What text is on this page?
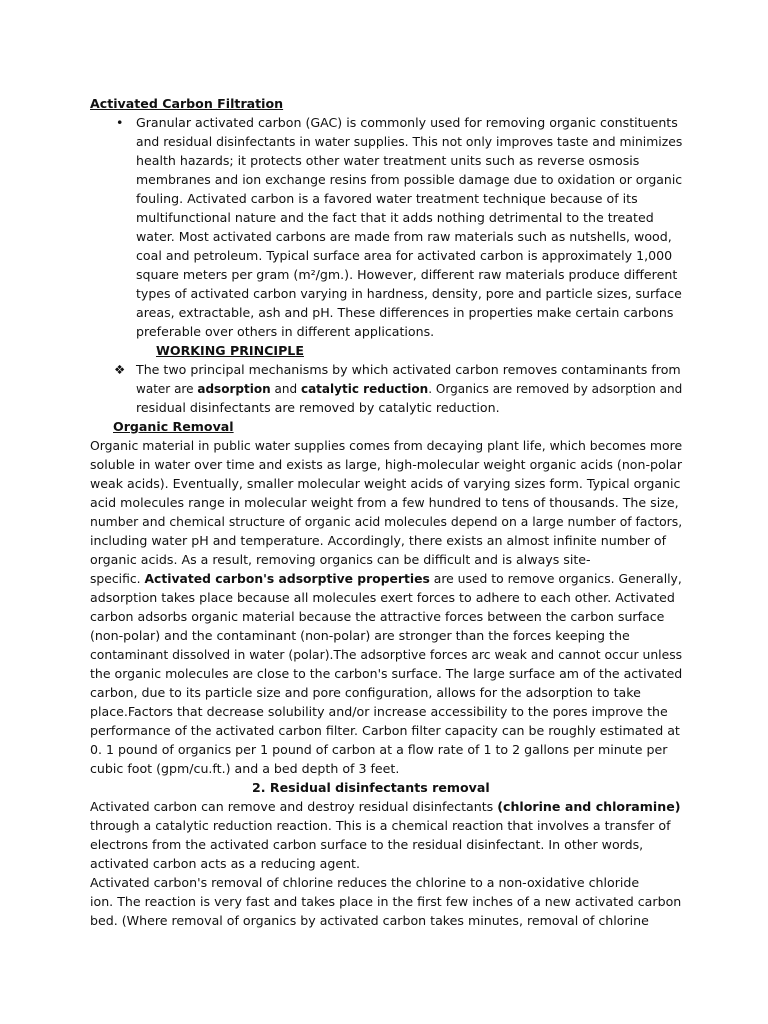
Activated Carbon Filtration
• Granular activated carbon (GAC) is commonly used for removing organic constituents
and residual disinfectants in water supplies. This not only improves taste and minimizes
health hazards; it protects other water treatment units such as reverse osmosis
membranes and ion exchange resins from possible damage due to oxidation or organic
fouling. Activated carbon is a favored water treatment technique because of its
multifunctional nature and the fact that it adds nothing detrimental to the treated
water. Most activated carbons are made from raw materials such as nutshells, wood,
coal and petroleum. Typical surface area for activated carbon is approximately 1,000
square meters per gram (m²/gm.). However, different raw materials produce different
types of activated carbon varying in hardness, density, pore and particle sizes, surface
areas, extractable, ash and pH. These differences in properties make certain carbons
preferable over others in different applications.
WORKING PRINCIPLE
❖ The two principal mechanisms by which activated carbon removes contaminants from
water are adsorption and catalytic reduction. Organics are removed by adsorption and
residual disinfectants are removed by catalytic reduction.
Organic Removal
Organic material in public water supplies comes from decaying plant life, which becomes more
soluble in water over time and exists as large, high-molecular weight organic acids (non-polar
weak acids). Eventually, smaller molecular weight acids of varying sizes form. Typical organic
acid molecules range in molecular weight from a few hundred to tens of thousands. The size,
number and chemical structure of organic acid molecules depend on a large number of factors,
including water pH and temperature. Accordingly, there exists an almost infinite number of
organic acids. As a result, removing organics can be difficult and is always site-
specific. Activated carbon's adsorptive properties are used to remove organics. Generally,
adsorption takes place because all molecules exert forces to adhere to each other. Activated
carbon adsorbs organic material because the attractive forces between the carbon surface
(non-polar) and the contaminant (non-polar) are stronger than the forces keeping the
contaminant dissolved in water (polar).The adsorptive forces arc weak and cannot occur unless
the organic molecules are close to the carbon's surface. The large surface am of the activated
carbon, due to its particle size and pore configuration, allows for the adsorption to take
place.Factors that decrease solubility and/or increase accessibility to the pores improve the
performance of the activated carbon filter. Carbon filter capacity can be roughly estimated at
0. 1 pound of organics per 1 pound of carbon at a flow rate of 1 to 2 gallons per minute per
cubic foot (gpm/cu.ft.) and a bed depth of 3 feet.
2. Residual disinfectants removal
Activated carbon can remove and destroy residual disinfectants (chlorine and chloramine)
through a catalytic reduction reaction. This is a chemical reaction that involves a transfer of
electrons from the activated carbon surface to the residual disinfectant. In other words,
activated carbon acts as a reducing agent.
Activated carbon's removal of chlorine reduces the chlorine to a non-oxidative chloride
ion. The reaction is very fast and takes place in the first few inches of a new activated carbon
bed. (Where removal of organics by activated carbon takes minutes, removal of chlorine
